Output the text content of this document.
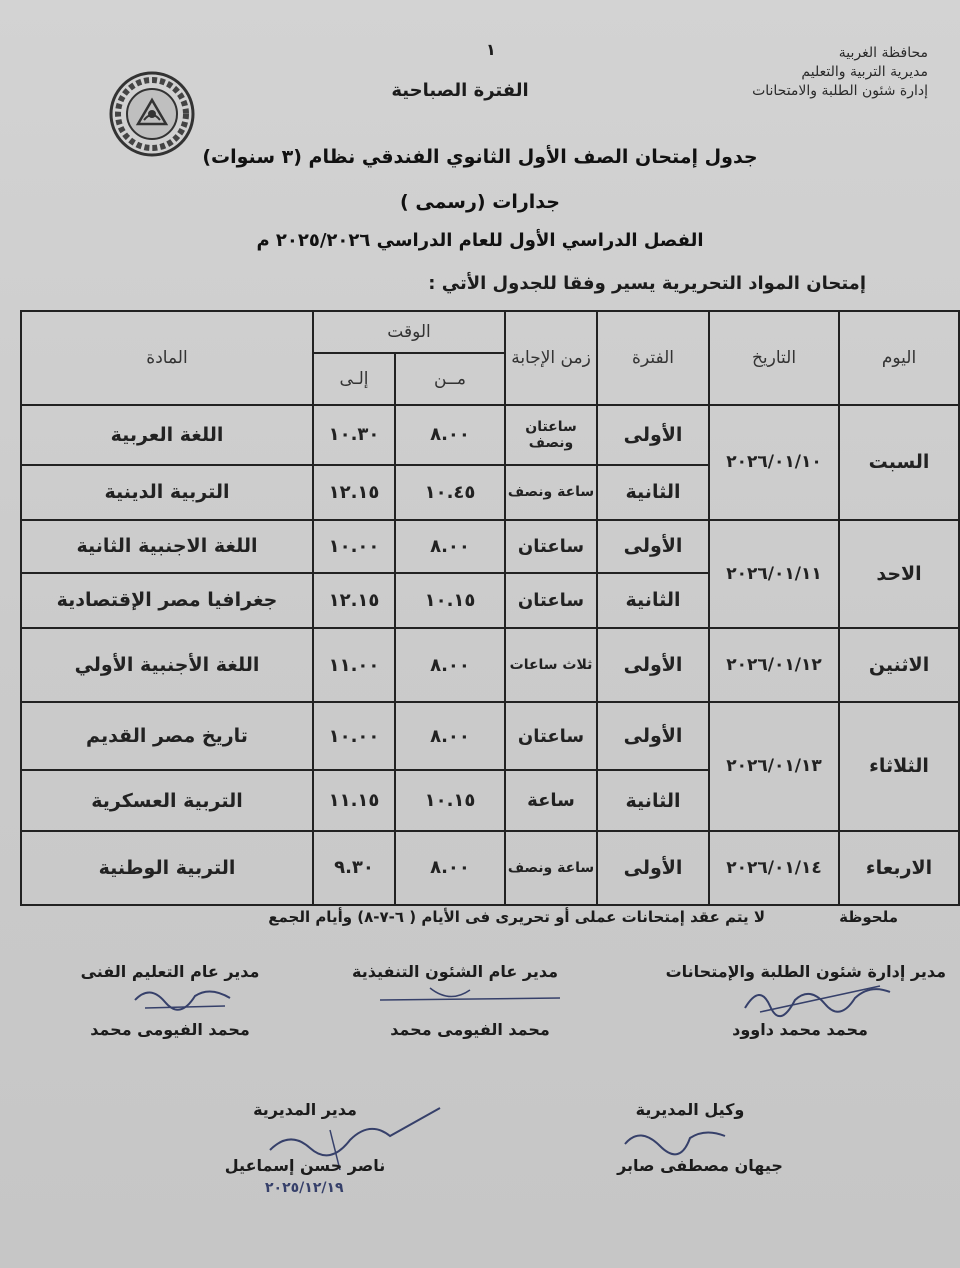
محافظة الغربية
مديرية التربية والتعليم
إدارة شئون الطلبة والامتحانات
١
الفترة الصباحية
جدول إمتحان الصف الأول الثانوي الفندقي نظام (٣ سنوات)
جدارات (رسمى )
الفصل الدراسي الأول للعام الدراسي ٢٠٢٥/٢٠٢٦ م
إمتحان المواد التحريرية يسير وفقا للجدول الأتي :
اليوم	التاريخ	الفترة	زمن الإجابة	الوقت		المادة
				مــن	إلـى	
السبت	٢٠٢٦/٠١/١٠	الأولى	ساعتان ونصف	٨.٠٠	١٠.٣٠	اللغة العربية
		الثانية	ساعة ونصف	١٠.٤٥	١٢.١٥	التربية الدينية
الاحد	٢٠٢٦/٠١/١١	الأولى	ساعتان	٨.٠٠	١٠.٠٠	اللغة الاجنبية الثانية
		الثانية	ساعتان	١٠.١٥	١٢.١٥	جغرافيا مصر الإقتصادية
الاثنين	٢٠٢٦/٠١/١٢	الأولى	ثلاث ساعات	٨.٠٠	١١.٠٠	اللغة الأجنبية الأولي
الثلاثاء	٢٠٢٦/٠١/١٣	الأولى	ساعتان	٨.٠٠	١٠.٠٠	تاريخ مصر القديم
		الثانية	ساعة	١٠.١٥	١١.١٥	التربية العسكرية
الاربعاء	٢٠٢٦/٠١/١٤	الأولى	ساعة ونصف	٨.٠٠	٩.٣٠	التربية الوطنية
ملحوظة
لا يتم عقد إمتحانات عملى أو تحريرى فى الأيام ( ٦-٧-٨) وأيام الجمع
مدير إدارة شئون الطلبة والإمتحانات
محمد محمد داوود
مدير عام الشئون التنفيذية
محمد الفيومى محمد
مدير عام التعليم الفنى
محمد الفيومى محمد
وكيل المديرية
جيهان مصطفى صابر
مدير المديرية
ناصر حسن إسماعيل
٢٠٢٥/١٢/١٩
